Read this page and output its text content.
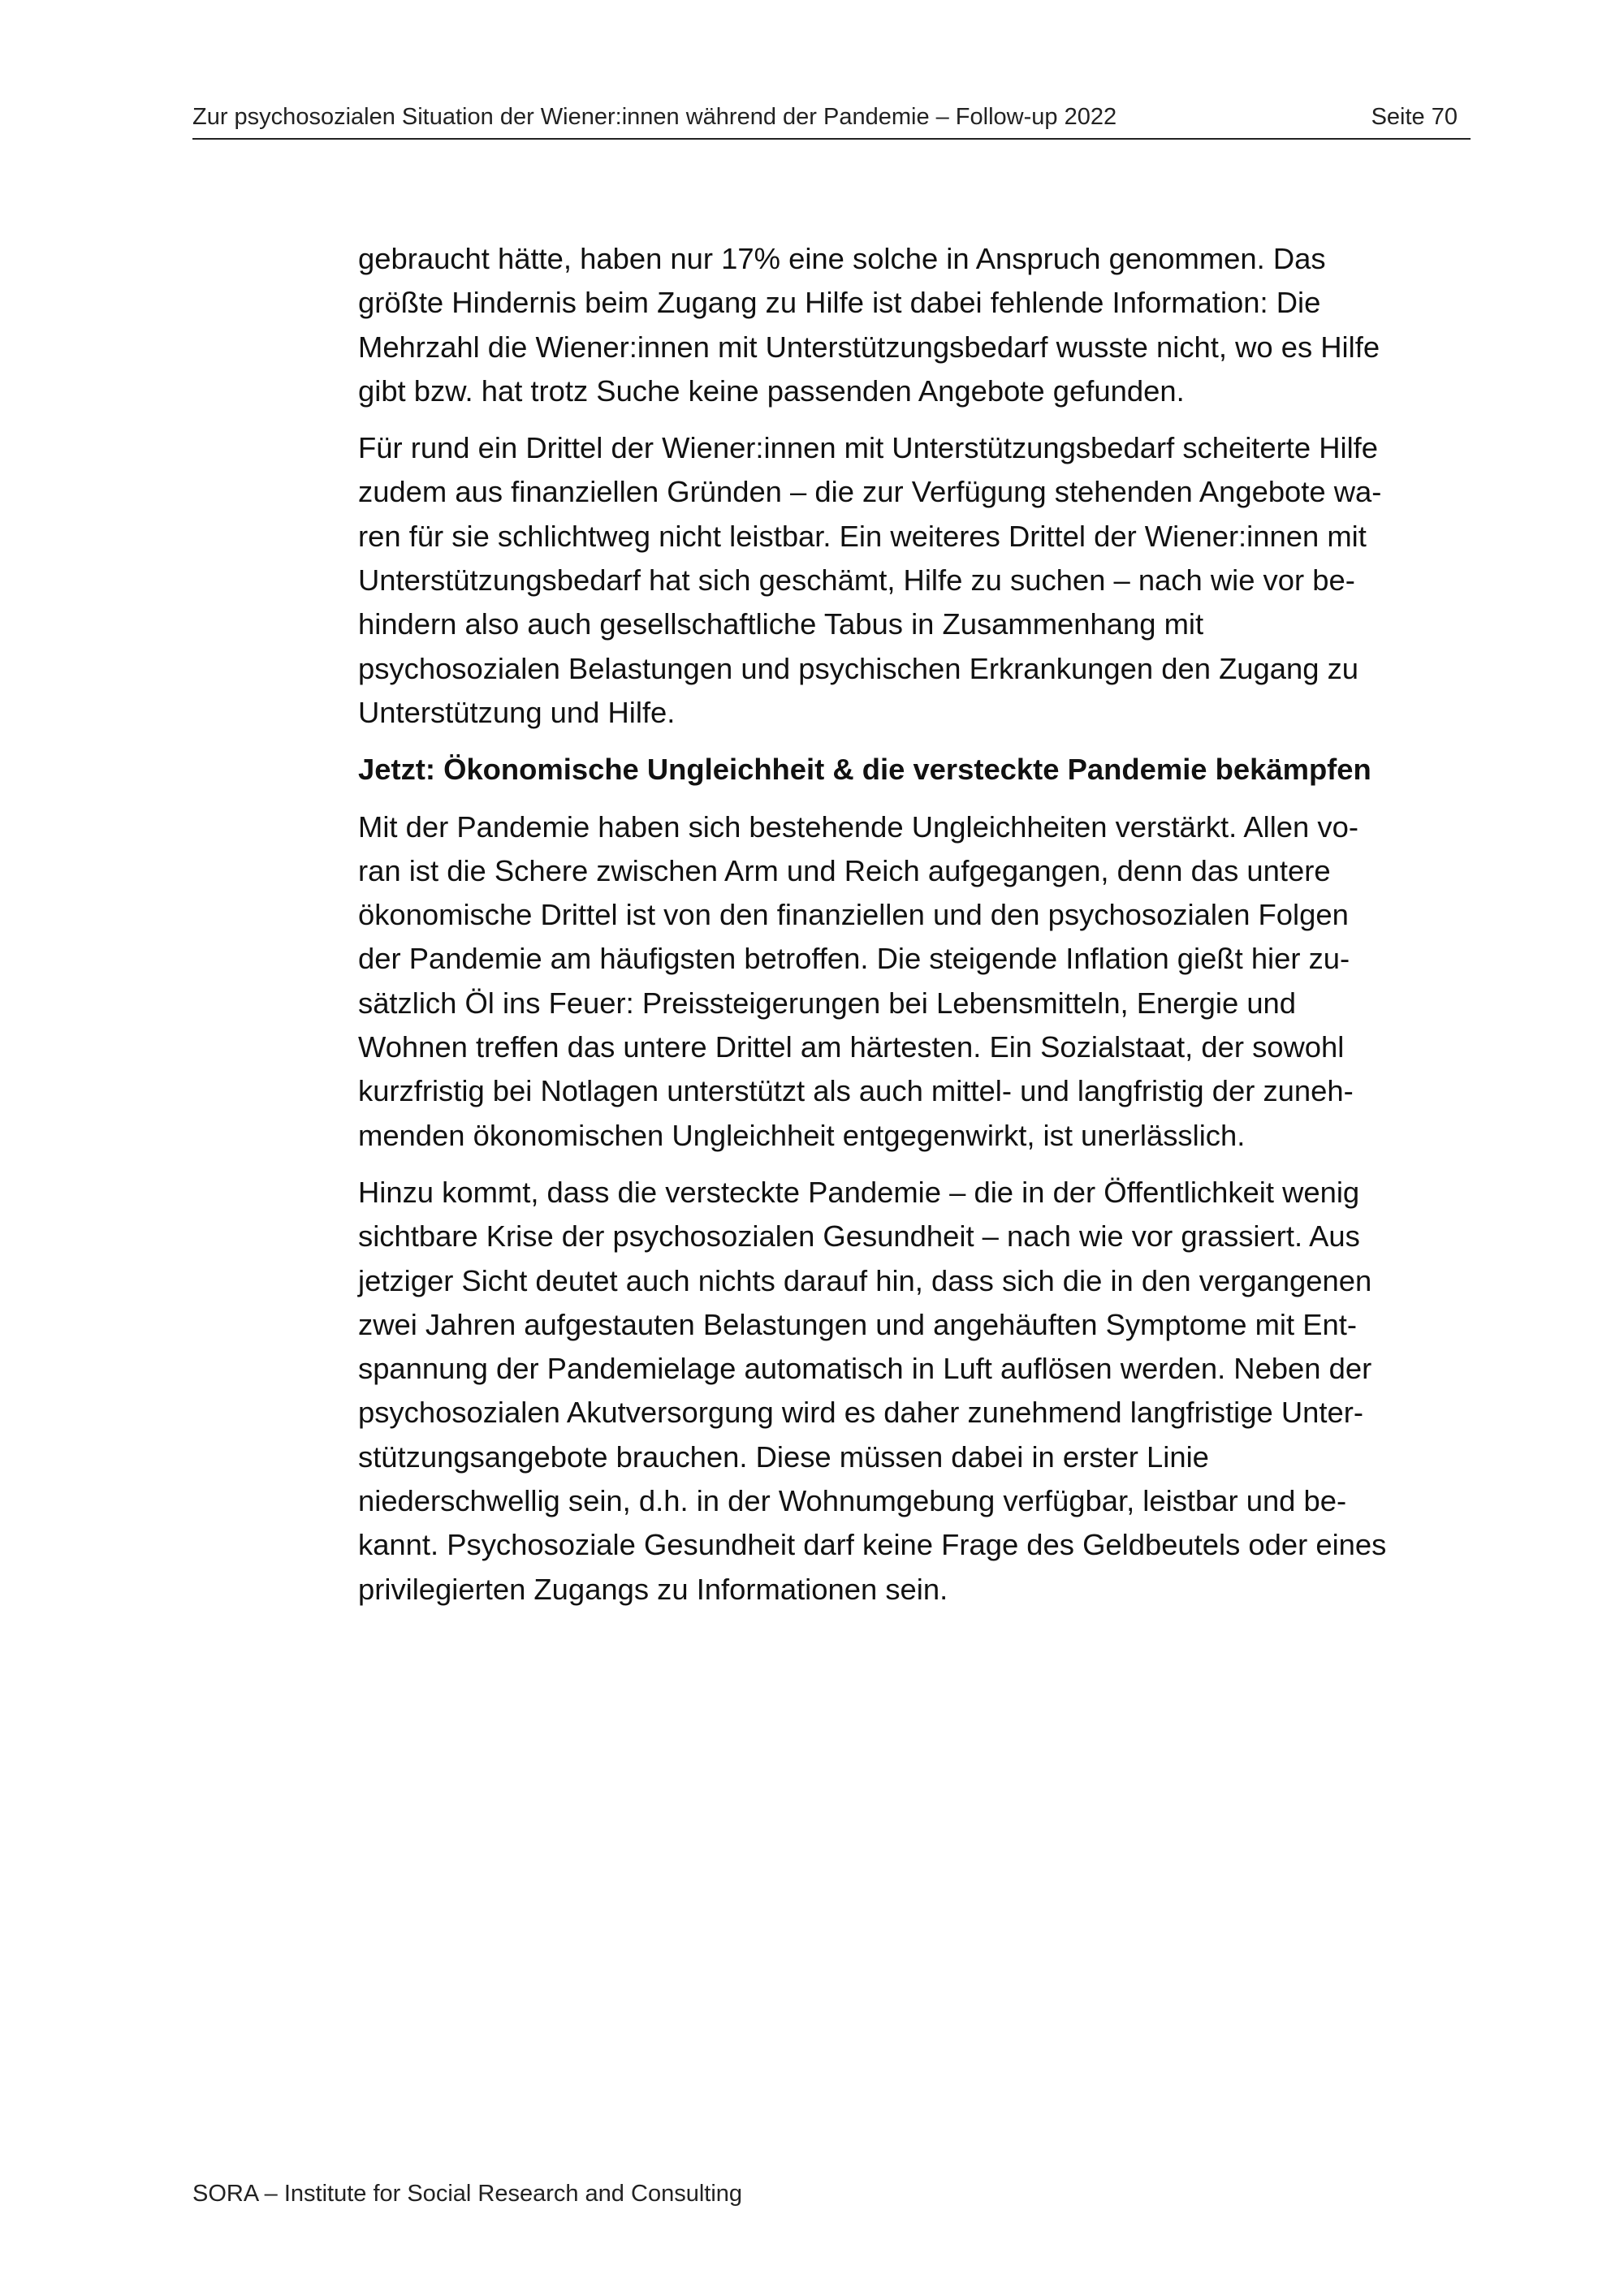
Zur psychosozialen Situation der Wiener:innen während der Pandemie – Follow-up 2022	Seite 70

gebraucht hätte, haben nur 17% eine solche in Anspruch genommen. Das
größte Hindernis beim Zugang zu Hilfe ist dabei fehlende Information: Die
Mehrzahl die Wiener:innen mit Unterstützungsbedarf wusste nicht, wo es Hilfe
gibt bzw. hat trotz Suche keine passenden Angebote gefunden.

Für rund ein Drittel der Wiener:innen mit Unterstützungsbedarf scheiterte Hilfe
zudem aus finanziellen Gründen – die zur Verfügung stehenden Angebote wa-
ren für sie schlichtweg nicht leistbar. Ein weiteres Drittel der Wiener:innen mit
Unterstützungsbedarf hat sich geschämt, Hilfe zu suchen – nach wie vor be-
hindern also auch gesellschaftliche Tabus in Zusammenhang mit
psychosozialen Belastungen und psychischen Erkrankungen den Zugang zu
Unterstützung und Hilfe.

Jetzt: Ökonomische Ungleichheit & die versteckte Pandemie bekämpfen

Mit der Pandemie haben sich bestehende Ungleichheiten verstärkt. Allen vo-
ran ist die Schere zwischen Arm und Reich aufgegangen, denn das untere
ökonomische Drittel ist von den finanziellen und den psychosozialen Folgen
der Pandemie am häufigsten betroffen. Die steigende Inflation gießt hier zu-
sätzlich Öl ins Feuer: Preissteigerungen bei Lebensmitteln, Energie und
Wohnen treffen das untere Drittel am härtesten. Ein Sozialstaat, der sowohl
kurzfristig bei Notlagen unterstützt als auch mittel- und langfristig der zuneh-
menden ökonomischen Ungleichheit entgegenwirkt, ist unerlässlich.

Hinzu kommt, dass die versteckte Pandemie – die in der Öffentlichkeit wenig
sichtbare Krise der psychosozialen Gesundheit – nach wie vor grassiert. Aus
jetziger Sicht deutet auch nichts darauf hin, dass sich die in den vergangenen
zwei Jahren aufgestauten Belastungen und angehäuften Symptome mit Ent-
spannung der Pandemielage automatisch in Luft auflösen werden. Neben der
psychosozialen Akutversorgung wird es daher zunehmend langfristige Unter-
stützungsangebote brauchen. Diese müssen dabei in erster Linie
niederschwellig sein, d.h. in der Wohnumgebung verfügbar, leistbar und be-
kannt. Psychosoziale Gesundheit darf keine Frage des Geldbeutels oder eines
privilegierten Zugangs zu Informationen sein.

SORA – Institute for Social Research and Consulting
